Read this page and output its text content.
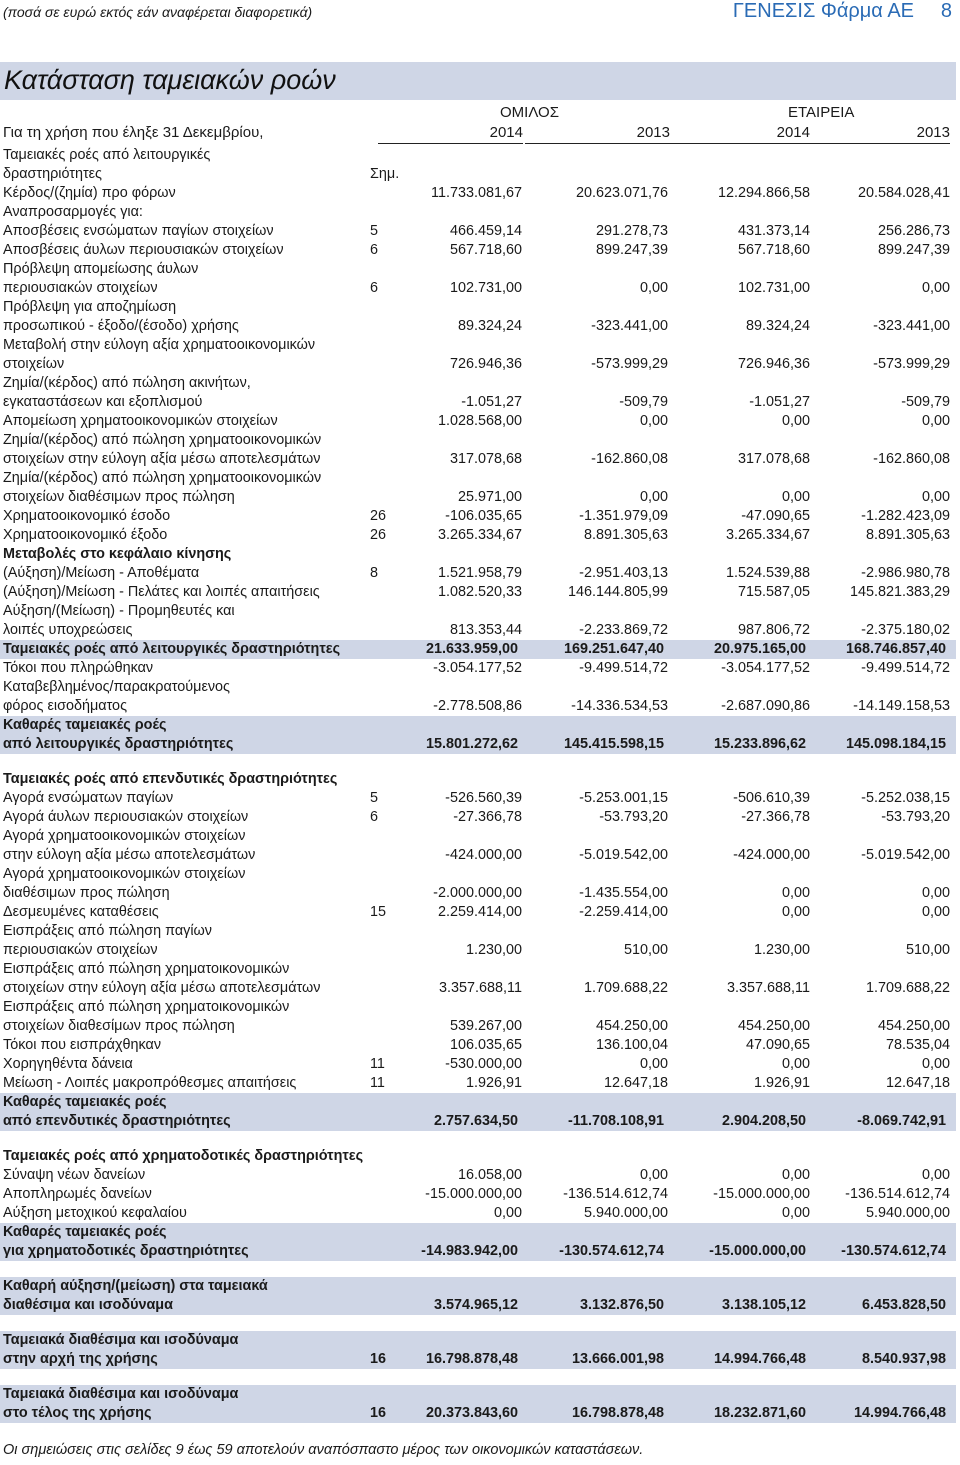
(ποσά σε ευρώ εκτός εάν αναφέρεται διαφορετικά)	ΓΕΝΕΣΙΣ Φάρμα ΑΕ 8
Κατάσταση ταμειακών ροών
ΟΜΙΛΟΣ	ΕΤΑΙΡΕΙΑ
Για τη χρήση που έληξε 31 Δεκεμβρίου,	2014	2013	2014	2013
Ταμειακές ροές από λειτουργικές
δραστηριότητες	Σημ.
Κέρδος/(ζημία) προ φόρων	11.733.081,67	20.623.071,76	12.294.866,58	20.584.028,41
Αναπροσαρμογές για:
Αποσβέσεις ενσώματων παγίων στοιχείων	5	466.459,14	291.278,73	431.373,14	256.286,73
Αποσβέσεις άυλων περιουσιακών στοιχείων	6	567.718,60	899.247,39	567.718,60	899.247,39
Πρόβλεψη απομείωσης άυλων
περιουσιακών στοιχείων	6	102.731,00	0,00	102.731,00	0,00
Πρόβλεψη για αποζημίωση
προσωπικού - έξοδο/(έσοδο) χρήσης	89.324,24	-323.441,00	89.324,24	-323.441,00
Μεταβολή στην εύλογη αξία χρηματοοικονομικών
στοιχείων	726.946,36	-573.999,29	726.946,36	-573.999,29
Ζημία/(κέρδος) από πώληση ακινήτων,
εγκαταστάσεων και εξοπλισμού	-1.051,27	-509,79	-1.051,27	-509,79
Απομείωση χρηματοοικονομικών στοιχείων	1.028.568,00	0,00	0,00	0,00
Ζημία/(κέρδος) από πώληση χρηματοοικονομικών
στοιχείων στην εύλογη αξία μέσω αποτελεσμάτων	317.078,68	-162.860,08	317.078,68	-162.860,08
Ζημία/(κέρδος) από πώληση χρηματοοικονομικών
στοιχείων διαθέσιμων προς πώληση	25.971,00	0,00	0,00	0,00
Χρηματοοικονομικό έσοδο	26	-106.035,65	-1.351.979,09	-47.090,65	-1.282.423,09
Χρηματοοικονομικό έξοδο	26	3.265.334,67	8.891.305,63	3.265.334,67	8.891.305,63
Μεταβολές στο κεφάλαιο κίνησης
(Αύξηση)/Μείωση - Αποθέματα	8	1.521.958,79	-2.951.403,13	1.524.539,88	-2.986.980,78
(Αύξηση)/Μείωση - Πελάτες και λοιπές απαιτήσεις	1.082.520,33	146.144.805,99	715.587,05	145.821.383,29
Αύξηση/(Μείωση) - Προμηθευτές και
λοιπές υποχρεώσεις	813.353,44	-2.233.869,72	987.806,72	-2.375.180,02
Ταμειακές ροές από λειτουργικές δραστηριότητες	21.633.959,00	169.251.647,40	20.975.165,00	168.746.857,40
Τόκοι που πληρώθηκαν	-3.054.177,52	-9.499.514,72	-3.054.177,52	-9.499.514,72
Καταβεβλημένος/παρακρατούμενος
φόρος εισοδήματος	-2.778.508,86	-14.336.534,53	-2.687.090,86	-14.149.158,53
Καθαρές ταμειακές ροές
από λειτουργικές δραστηριότητες	15.801.272,62	145.415.598,15	15.233.896,62	145.098.184,15
Ταμειακές ροές από επενδυτικές δραστηριότητες
Αγορά ενσώματων παγίων	5	-526.560,39	-5.253.001,15	-506.610,39	-5.252.038,15
Αγορά άυλων περιουσιακών στοιχείων	6	-27.366,78	-53.793,20	-27.366,78	-53.793,20
Αγορά χρηματοοικονομικών στοιχείων
στην εύλογη αξία μέσω αποτελεσμάτων	-424.000,00	-5.019.542,00	-424.000,00	-5.019.542,00
Αγορά χρηματοοικονομικών στοιχείων
διαθέσιμων προς πώληση	-2.000.000,00	-1.435.554,00	0,00	0,00
Δεσμευμένες καταθέσεις	15	2.259.414,00	-2.259.414,00	0,00	0,00
Εισπράξεις από πώληση παγίων
περιουσιακών στοιχείων	1.230,00	510,00	1.230,00	510,00
Εισπράξεις από πώληση χρηματοικονομικών
στοιχείων στην εύλογη αξία μέσω αποτελεσμάτων	3.357.688,11	1.709.688,22	3.357.688,11	1.709.688,22
Εισπράξεις από πώληση χρηματοικονομικών
στοιχείων διαθεσίμων προς πώληση	539.267,00	454.250,00	454.250,00	454.250,00
Τόκοι που εισπράχθηκαν	106.035,65	136.100,04	47.090,65	78.535,04
Χορηγηθέντα δάνεια	11	-530.000,00	0,00	0,00	0,00
Μείωση - Λοιπές μακροπρόθεσμες απαιτήσεις	11	1.926,91	12.647,18	1.926,91	12.647,18
Καθαρές ταμειακές ροές
από επενδυτικές δραστηριότητες	2.757.634,50	-11.708.108,91	2.904.208,50	-8.069.742,91
Ταμειακές ροές από χρηματοδοτικές δραστηριότητες
Σύναψη νέων δανείων	16.058,00	0,00	0,00	0,00
Αποπληρωμές δανείων	-15.000.000,00	-136.514.612,74	-15.000.000,00 -136.514.612,74
Αύξηση μετοχικού κεφαλαίου	0,00	5.940.000,00	0,00	5.940.000,00
Καθαρές ταμειακές ροές
για χρηματοδοτικές δραστηριότητες	-14.983.942,00	-130.574.612,74	-15.000.000,00 -130.574.612,74
Καθαρή αύξηση/(μείωση) στα ταμειακά
διαθέσιμα και ισοδύναμα	3.574.965,12	3.132.876,50	3.138.105,12	6.453.828,50
Ταμειακά διαθέσιμα και ισοδύναμα
στην αρχή της χρήσης	16	16.798.878,48	13.666.001,98	14.994.766,48	8.540.937,98
Ταμειακά διαθέσιμα και ισοδύναμα
στο τέλος της χρήσης	16	20.373.843,60	16.798.878,48	18.232.871,60	14.994.766,48
Οι σημειώσεις στις σελίδες 9 έως 59 αποτελούν αναπόσπαστο μέρος των οικονομικών καταστάσεων.
